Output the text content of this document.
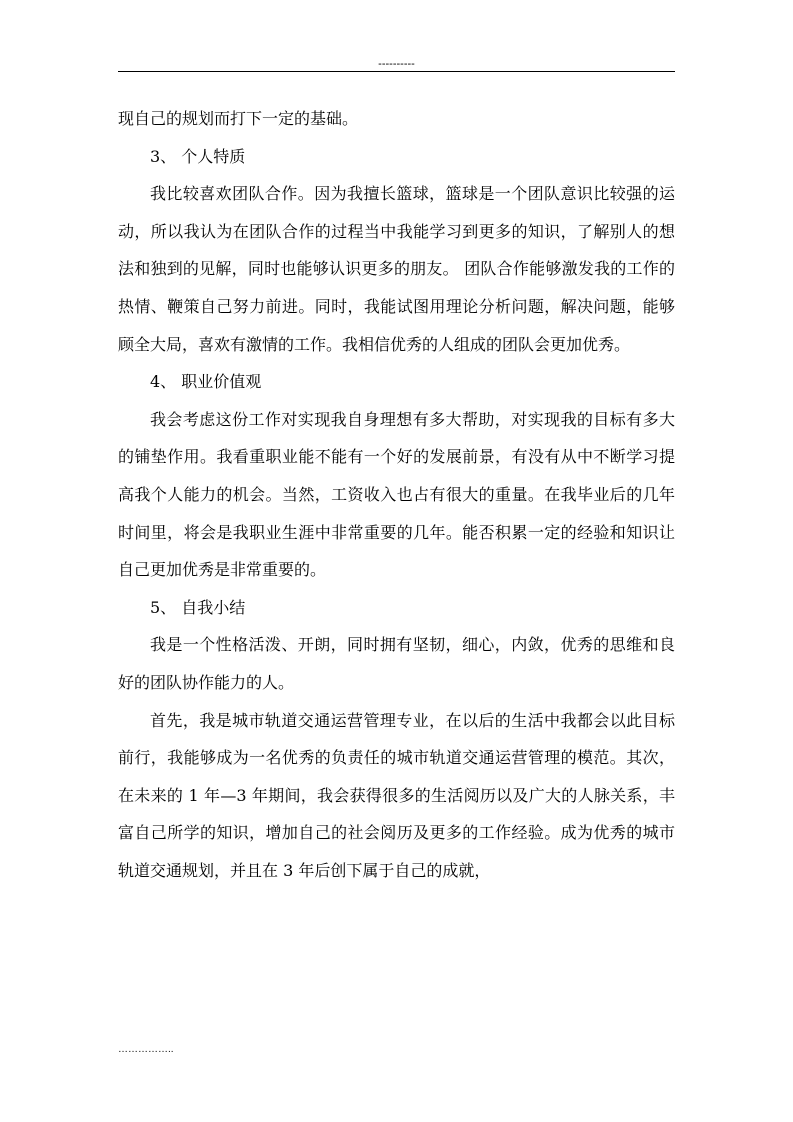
----------

现自己的规划而打下一定的基础。

3、 个人特质

我比较喜欢团队合作。因为我擅长篮球，篮球是一个团队意识比较强的运动，所以我认为在团队合作的过程当中我能学习到更多的知识，了解别人的想法和独到的见解，同时也能够认识更多的朋友。 团队合作能够激发我的工作的热情、鞭策自己努力前进。同时，我能试图用理论分析问题，解决问题，能够顾全大局，喜欢有激情的工作。我相信优秀的人组成的团队会更加优秀。

4、 职业价值观

我会考虑这份工作对实现我自身理想有多大帮助，对实现我的目标有多大的铺垫作用。我看重职业能不能有一个好的发展前景，有没有从中不断学习提高我个人能力的机会。当然，工资收入也占有很大的重量。在我毕业后的几年时间里，将会是我职业生涯中非常重要的几年。能否积累一定的经验和知识让自己更加优秀是非常重要的。

5、 自我小结

我是一个性格活泼、开朗，同时拥有坚韧，细心，内敛，优秀的思维和良好的团队协作能力的人。

首先，我是城市轨道交通运营管理专业，在以后的生活中我都会以此目标前行，我能够成为一名优秀的负责任的城市轨道交通运营管理的模范。其次，在未来的 1 年—3 年期间，我会获得很多的生活阅历以及广大的人脉关系，丰富自己所学的知识，增加自己的社会阅历及更多的工作经验。成为优秀的城市轨道交通规划，并且在 3 年后创下属于自己的成就，

……………..
